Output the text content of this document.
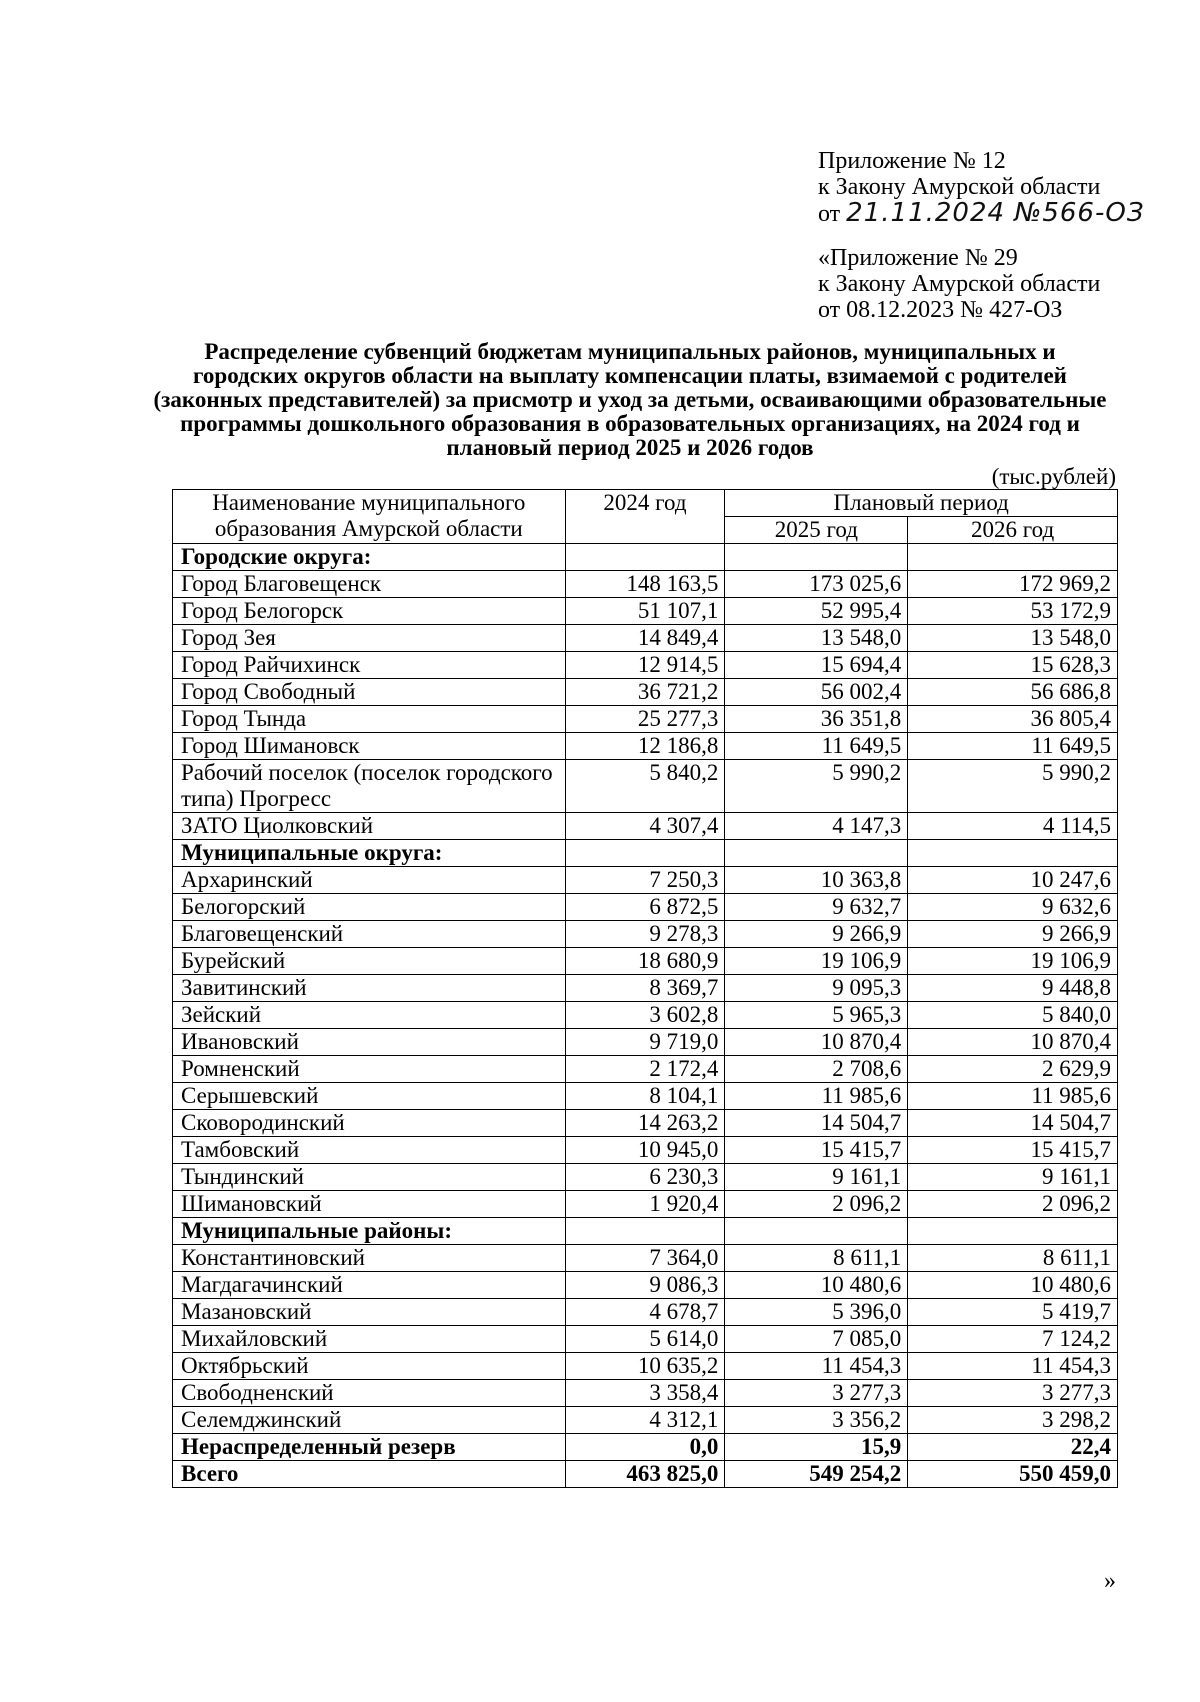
Приложение № 12
к Закону Амурской области
от 21.11.2024 №566-ОЗ
«Приложение № 29
к Закону Амурской области
от 08.12.2023 № 427-ОЗ
Распределение субвенций бюджетам муниципальных районов, муниципальных и городских округов области на выплату компенсации платы, взимаемой с родителей (законных представителей) за присмотр и уход за детьми, осваивающими образовательные программы дошкольного образования в образовательных организациях, на 2024 год и плановый период 2025 и 2026 годов
(тыс.рублей)
Наименование муниципального образования Амурской области	2024 год	Плановый период	
		2025 год	2026 год
Городские округа:			
Город Благовещенск	148 163,5	173 025,6	172 969,2
Город Белогорск	51 107,1	52 995,4	53 172,9
Город Зея	14 849,4	13 548,0	13 548,0
Город Райчихинск	12 914,5	15 694,4	15 628,3
Город Свободный	36 721,2	56 002,4	56 686,8
Город Тында	25 277,3	36 351,8	36 805,4
Город Шимановск	12 186,8	11 649,5	11 649,5
Рабочий поселок (поселок городского типа) Прогресс	5 840,2	5 990,2	5 990,2
ЗАТО Циолковский	4 307,4	4 147,3	4 114,5
Муниципальные округа:			
Архаринский	7 250,3	10 363,8	10 247,6
Белогорский	6 872,5	9 632,7	9 632,6
Благовещенский	9 278,3	9 266,9	9 266,9
Бурейский	18 680,9	19 106,9	19 106,9
Завитинский	8 369,7	9 095,3	9 448,8
Зейский	3 602,8	5 965,3	5 840,0
Ивановский	9 719,0	10 870,4	10 870,4
Ромненский	2 172,4	2 708,6	2 629,9
Серышевский	8 104,1	11 985,6	11 985,6
Сковородинский	14 263,2	14 504,7	14 504,7
Тамбовский	10 945,0	15 415,7	15 415,7
Тындинский	6 230,3	9 161,1	9 161,1
Шимановский	1 920,4	2 096,2	2 096,2
Муниципальные районы:			
Константиновский	7 364,0	8 611,1	8 611,1
Магдагачинский	9 086,3	10 480,6	10 480,6
Мазановский	4 678,7	5 396,0	5 419,7
Михайловский	5 614,0	7 085,0	7 124,2
Октябрьский	10 635,2	11 454,3	11 454,3
Свободненский	3 358,4	3 277,3	3 277,3
Селемджинский	4 312,1	3 356,2	3 298,2
Нераспределенный резерв	0,0	15,9	22,4
Всего	463 825,0	549 254,2	550 459,0
»
